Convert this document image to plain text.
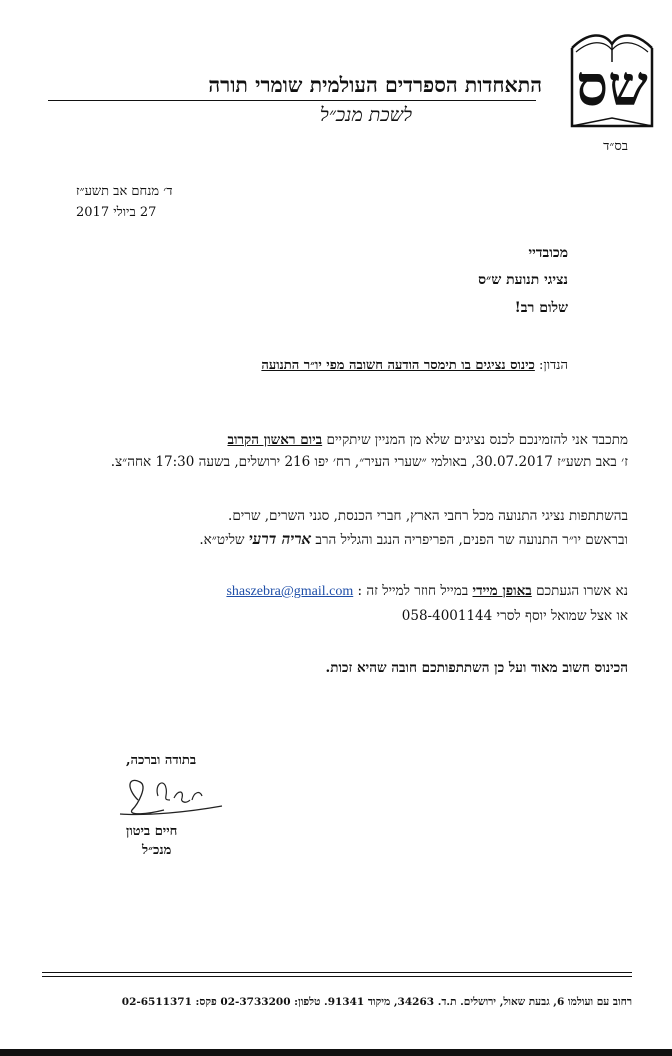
שס
התאחדות הספרדים העולמית שומרי תורה
לשכת מנכ״ל
בס״ד
ד׳ מנחם אב תשע״ז
27 ביולי 2017
מכובדיי
נציגי תנועת ש״ס
שלום רב!
הנדון: כינוס נציגים בו תימסר הודעה חשובה מפי יו״ר התנועה
מתכבד אני להזמינכם לכנס נציגים שלא מן המניין שיתקיים ביום ראשון הקרוב
ז׳ באב תשע״ז 30.07.2017, באולמי ״שערי העיר״, רח׳ יפו 216 ירושלים, בשעה 17:30 אחה״צ.
בהשתתפות נציגי התנועה מכל רחבי הארץ, חברי הכנסת, סגני השרים, שרים.
ובראשם יו״ר התנועה שר הפנים, הפריפריה הנגב והגליל הרב אריה דרעי שליט״א.
נא אשרו הגעתכם באופן מיידי במייל חוזר למייל זה : shaszebra@gmail.com
או אצל שמואל יוסף לסרי 058-4001144
הכינוס חשוב מאוד ועל כן השתתפותכם חובה שהיא זכות.
בתודה וברכה,
חיים ביטון
מנכ״ל
רחוב עם ועולמו 6, גבעת שאול, ירושלים. ת.ד. 34263, מיקוד 91341. טלפון: 02-3733200 פקס: 02-6511371
